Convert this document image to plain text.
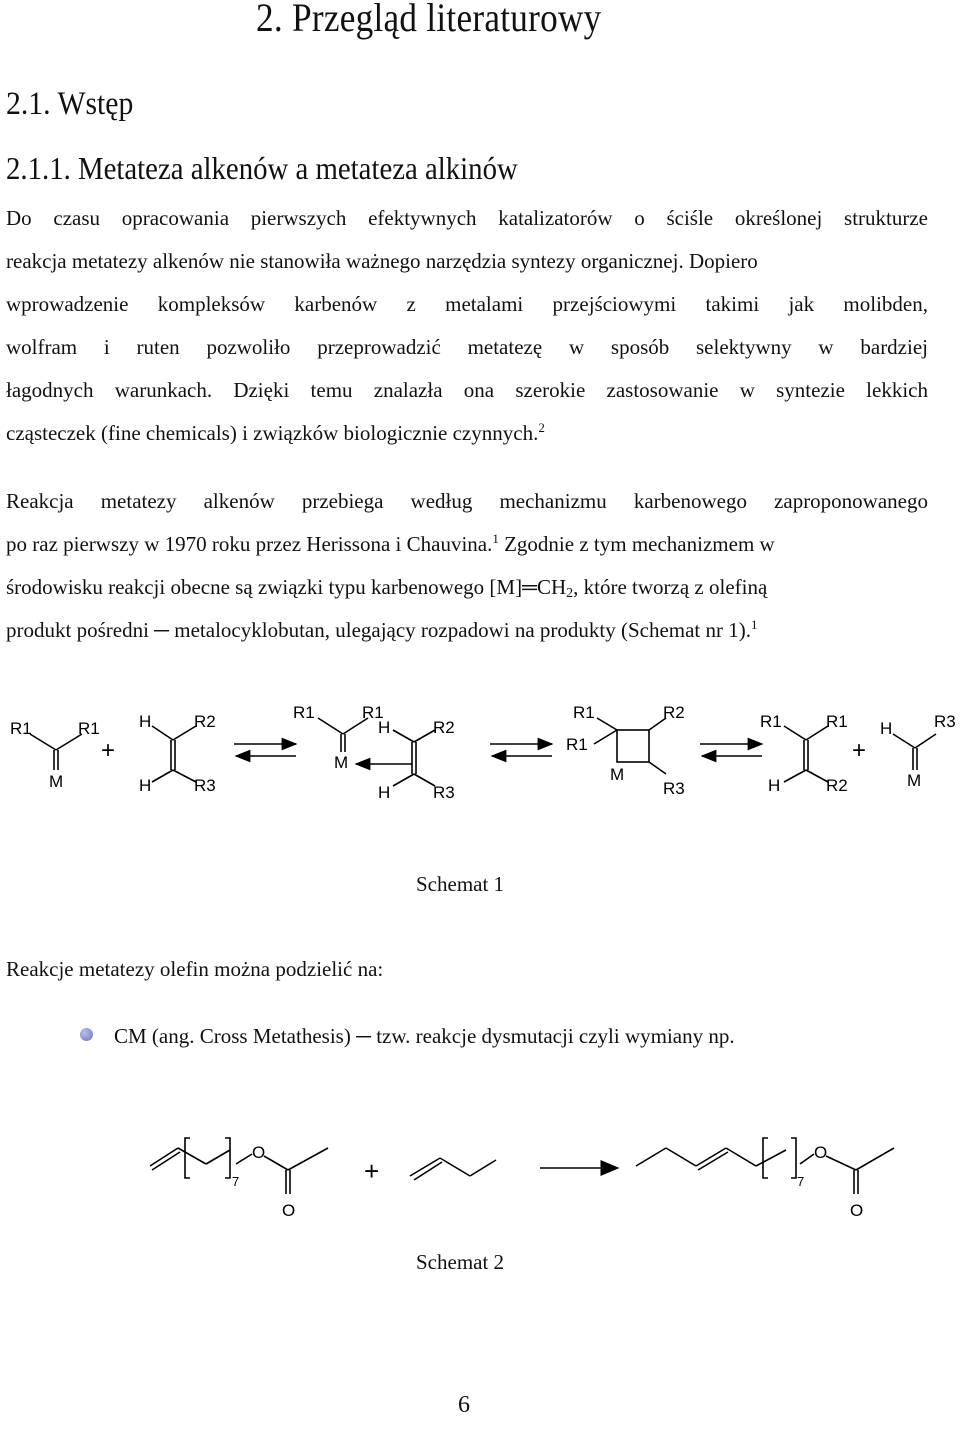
2. Przegląd literaturowy
2.1. Wstęp
2.1.1. Metateza alkenów a metateza alkinów
Do czasu opracowania pierwszych efektywnych katalizatorów o ściśle określonej strukturze
reakcja metatezy alkenów nie stanowiła ważnego narzędzia syntezy organicznej. Dopiero
wprowadzenie kompleksów karbenów z metalami przejściowymi takimi jak molibden,
wolfram i ruten pozwoliło przeprowadzić metatezę w sposób selektywny w bardziej
łagodnych warunkach. Dzięki temu znalazła ona szerokie zastosowanie w syntezie lekkich
cząsteczek (fine chemicals) i związków biologicznie czynnych.$^2$
Reakcja metatezy alkenów przebiega według mechanizmu karbenowego zaproponowanego
po raz pierwszy w 1970 roku przez Herissona i Chauvina.$^1$ Zgodnie z tym mechanizmem w
środowisku reakcji obecne są związki typu karbenowego $[M]═CH_2$, które tworzą z olefiną
produkt pośredni ─ metalocyklobutan, ulegający rozpadowi na produkty (Schemat nr 1).$^1$
R1	R1
M
+
H	R2
H	R3
R1	R1
M
H	R2
H	R3
R1	R2
R1
M
R3
R1	R1
H	R2
+
H R3
M
Schemat 1
Reakcje metatezy olefin można podzielić na:
CM (ang. Cross Metathesis) ─ tzw. reakcje dysmutacji czyli wymiany np.
7
O
O
+	7
O
O
Schemat 2
6
